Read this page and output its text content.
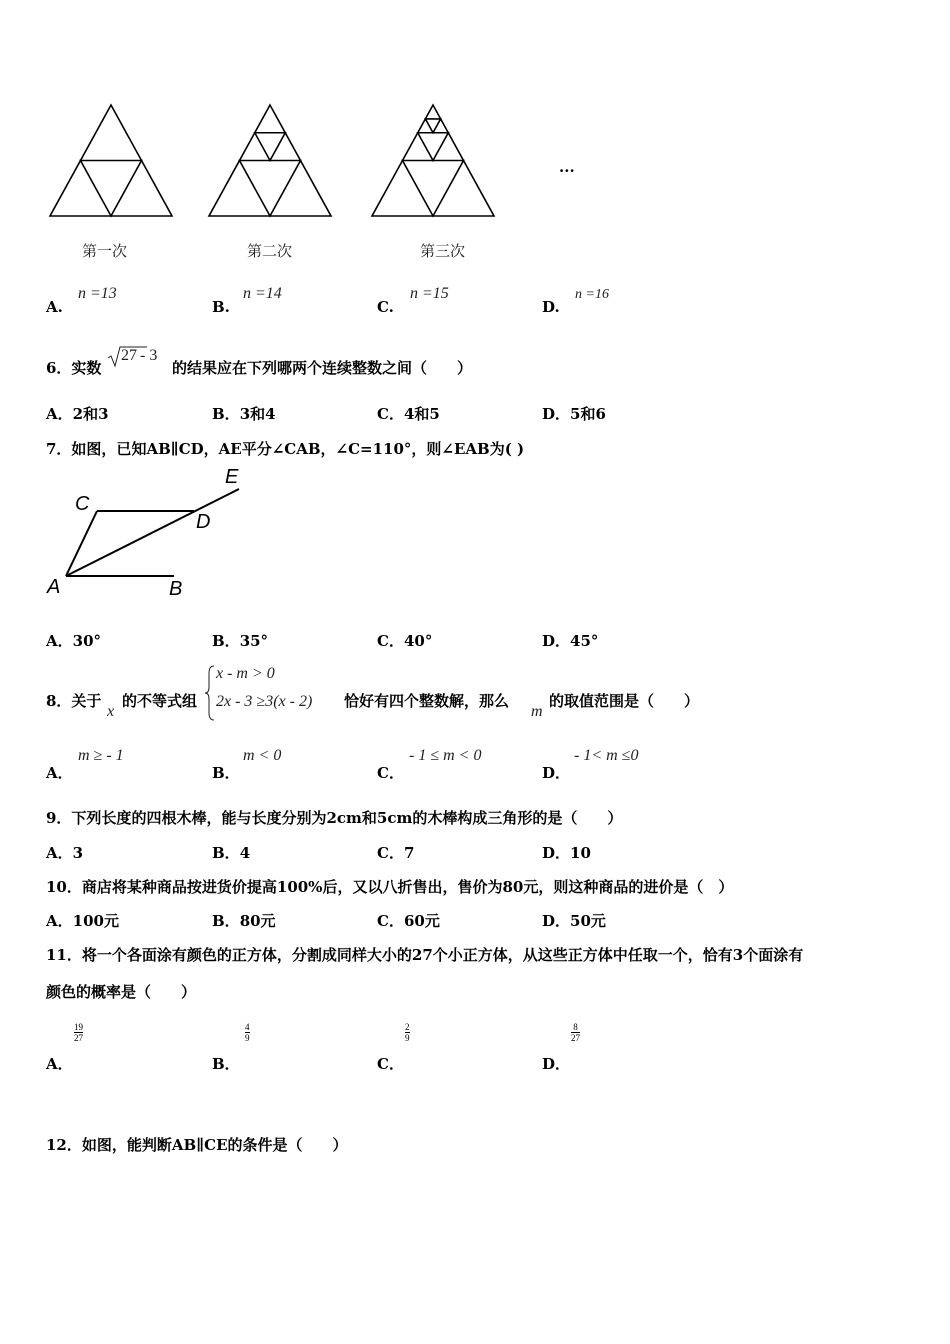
...
第一次	第二次	第三次
A.
n =13
B.
n =14
C.
n =15
D.
n =16
6．实数
27 - 3
的结果应在下列哪两个连续整数之间（　　）
A．2和3	B．3和4	C．4和5	D．5和6
7．如图，已知AB∥CD，AE平分∠CAB，∠C=110°，则∠EAB为( )
E
C
D
A	B
A．30°	B．35°	C．40°	D．45°
8．关于
x
的不等式组
x - m > 0
2x - 3 ≥3(x - 2) 恰好有四个整数解，那么
m
的取值范围是（　　）
A．
m ≥ - 1
B．
m < 0
C．
- 1 ≤ m < 0
D．
- 1< m ≤0
9．下列长度的四根木棒，能与长度分别为2cm和5cm的木棒构成三角形的是（　　）
A．3	B．4	C．7	D．10
10．商店将某种商品按进货价提高100%后，又以八折售出，售价为80元，则这种商品的进价是（　）
A．100元	B．80元	C．60元	D．50元
11．将一个各面涂有颜色的正方体，分割成同样大小的27个小正方体，从这些正方体中任取一个，恰有3个面涂有
颜色的概率是（　　）
A．
$\frac{19}{27}$
B．
$\frac{4}{9}$
C．
$\frac{2}{9}$
D．
$\frac{8}{27}$
12．如图，能判断AB∥CE的条件是（　　）
